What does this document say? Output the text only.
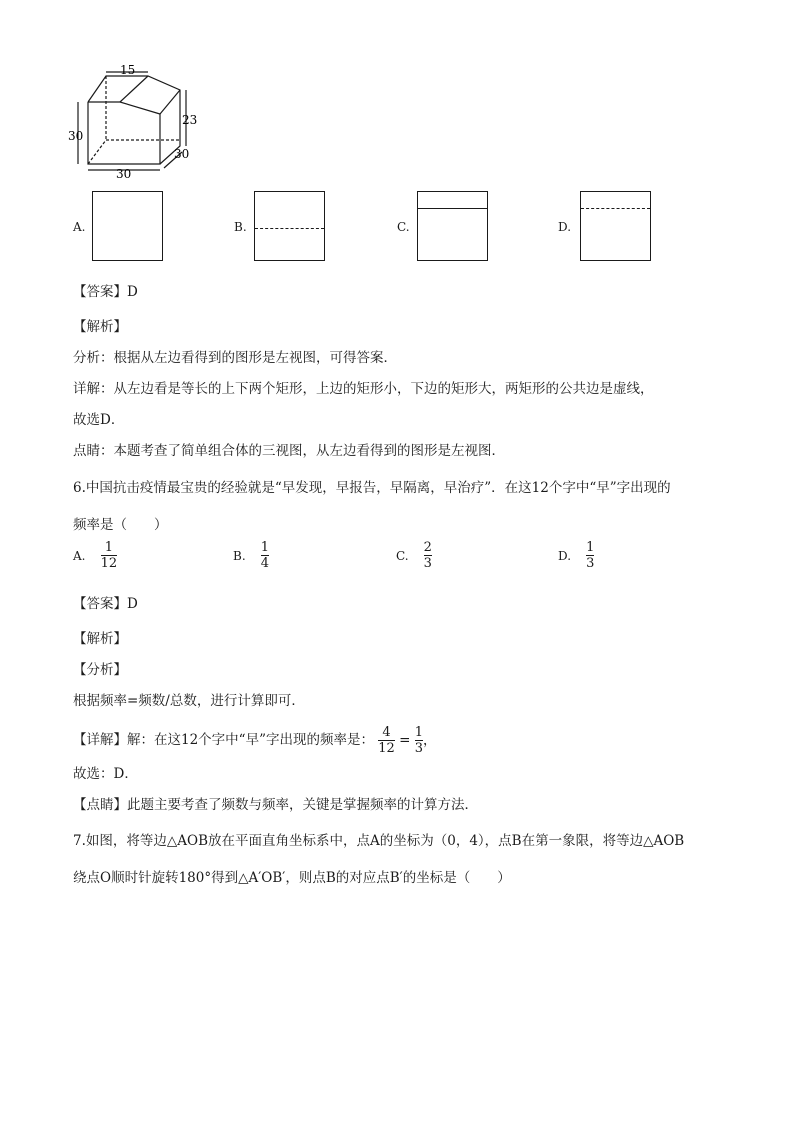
15
30
23
30
30
A.	B.	C.	D.
【答案】D
【解析】
分析：根据从左边看得到的图形是左视图，可得答案．
详解：从左边看是等长的上下两个矩形，上边的矩形小，下边的矩形大，两矩形的公共边是虚线，
故选D．
点睛：本题考查了简单组合体的三视图，从左边看得到的图形是左视图．
6.中国抗击疫情最宝贵的经验就是“早发现，早报告，早隔离，早治疗”．在这12个字中“早”字出现的
频率是（　　）
A. $\frac{1}{12}$	B. $\frac{1}{4}$	C. $\frac{2}{3}$	D. $\frac{1}{3}$
【答案】D
【解析】
【分析】
根据频率=频数/总数，进行计算即可．
【详解】解：在这12个字中“早”字出现的频率是： $\frac{4}{12} = \frac{1}{3}$ ，
故选：D．
【点睛】此题主要考查了频数与频率，关键是掌握频率的计算方法．
7.如图，将等边△AOB放在平面直角坐标系中，点A的坐标为（0，4），点B在第一象限，将等边△AOB
绕点O顺时针旋转180°得到△A′OB′，则点B的对应点B′的坐标是（　　）
